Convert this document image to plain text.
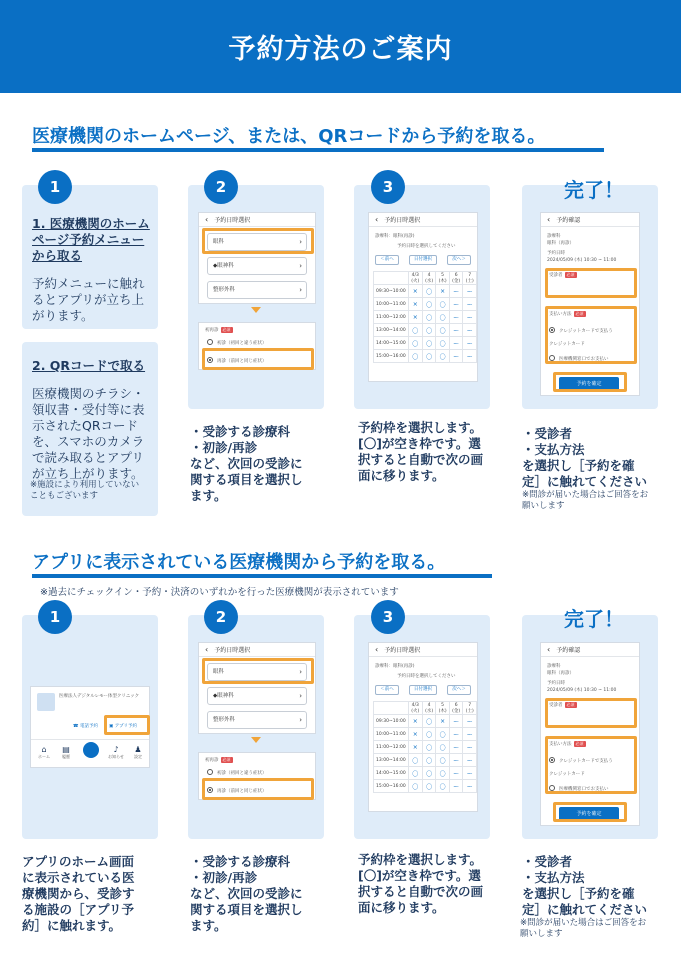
予約方法のご案内
医療機関のホームページ、または、QRコードから予約を取る。
1
1. 医療機関のホーム
ページ予約メニュー
から取る
予約メニューに触れ
るとアプリが立ち上
がります。
2. QRコードで取る
医療機関のチラシ・
領収書・受付等に表
示されたQRコード
を、スマホのカメラ
で読み取るとアプリ
が立ち上がります。
※施設により利用していない
こともございます
2
‹ 予約日時選択
眼科	›
◆眼神科	›
整形外科	›
初再診 必須
初診（初回と違う症状）
再診（前回と同じ症状）
・受診する診療科
・初診/再診
など、次回の受診に
関する項目を選択し
ます。
3
‹ 予約日時選択
診療科：眼科(再診)
予約日時を選択してください
＜前へ	日付選択	次へ＞
	4/3 (火)	4 (水)	5 (木)	6 (金)	7 (土)
09:30~10:00	×	〇	×	ー	ー
10:00~11:00	×	〇	〇	ー	ー
11:00~12:00	×	〇	〇	ー	ー
13:00~14:00	〇	〇	〇	ー	ー
14:00~15:00	〇	〇	〇	ー	ー
15:00~16:00	〇	〇	〇	ー	ー
予約枠を選択します。
[〇]が空き枠です。選
択すると自動で次の画
面に移ります。
完了！
‹ 予約確認
診療科
眼科（再診）
予約日時
2024/05/09 (木) 10:30 ~ 11:00
受診者 必須
支払い方法 必須
クレジットカードで支払う
クレジットカード
医療機関窓口でお支払い
予約を確定
・受診者
・支払方法
を選択し［予約を確
定］に触れてください
※問診が届いた場合はご回答をお
願いします
アプリに表示されている医療機関から予約を取る。
※過去にチェックイン・予約・決済のいずれかを行った医療機関が表示されています
1
医療法人デジタルレモー体型クリニック
☎ 電話予約 ▣ アプリ予約
⌂
ホーム
▤
履歴
♪
お知らせ
♟
設定
アプリのホーム画面
に表示されている医
療機関から、受診す
る施設の［アプリ予
約］に触れます。
2
‹ 予約日時選択
眼科	›
◆眼神科	›
整形外科	›
初再診 必須
初診（初回と違う症状）
再診（前回と同じ症状）
・受診する診療科
・初診/再診
など、次回の受診に
関する項目を選択し
ます。
3
‹ 予約日時選択
診療科：眼科(再診)
予約日時を選択してください
＜前へ	日付選択	次へ＞
	4/3 (火)	4 (水)	5 (木)	6 (金)	7 (土)
09:30~10:00	×	〇	×	ー	ー
10:00~11:00	×	〇	〇	ー	ー
11:00~12:00	×	〇	〇	ー	ー
13:00~14:00	〇	〇	〇	ー	ー
14:00~15:00	〇	〇	〇	ー	ー
15:00~16:00	〇	〇	〇	ー	ー
予約枠を選択します。
[〇]が空き枠です。選
択すると自動で次の画
面に移ります。
完了！
‹ 予約確認
診療科
眼科（再診）
予約日時
2024/05/09 (木) 10:30 ~ 11:00
受診者 必須
支払い方法 必須
クレジットカードで支払う
クレジットカード
医療機関窓口でお支払い
予約を確定
・受診者
・支払方法
を選択し［予約を確
定］に触れてください
※問診が届いた場合はご回答をお
願いします
